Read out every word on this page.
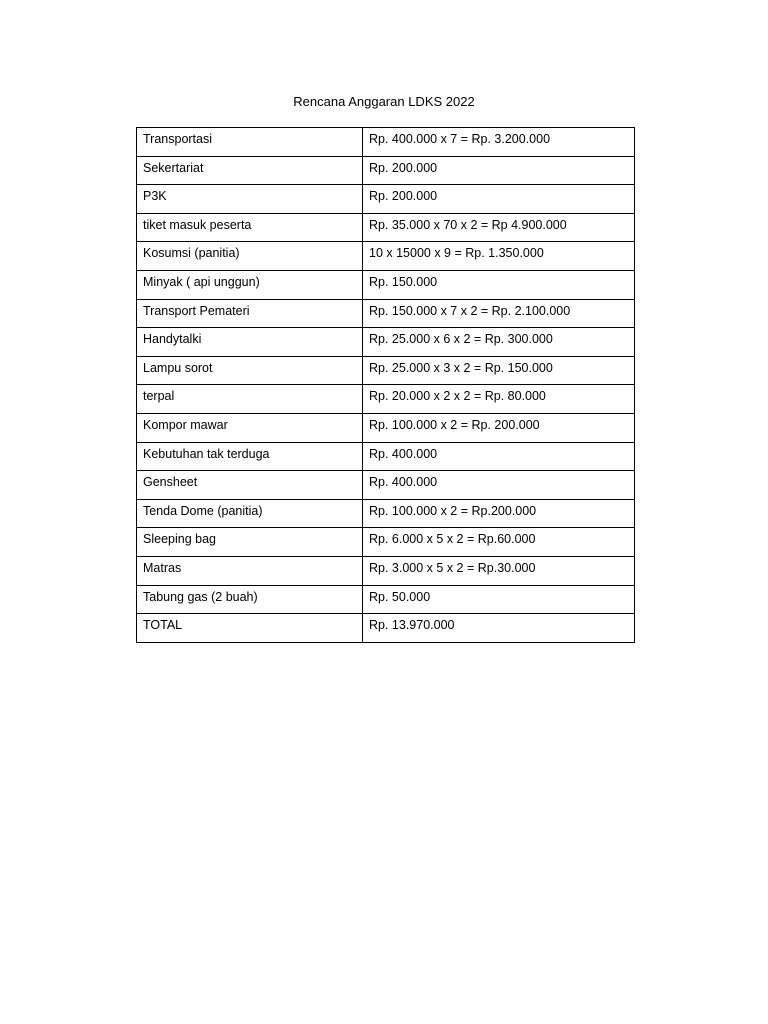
Rencana Anggaran LDKS 2022
Transportasi	Rp. 400.000 x 7 = Rp. 3.200.000
Sekertariat	Rp. 200.000
P3K	Rp. 200.000
tiket masuk peserta	Rp. 35.000 x 70 x 2 = Rp 4.900.000
Kosumsi (panitia)	10 x 15000 x 9 = Rp. 1.350.000
Minyak ( api unggun)	Rp. 150.000
Transport Pemateri	Rp. 150.000 x 7 x 2 = Rp. 2.100.000
Handytalki	Rp. 25.000 x 6 x 2 = Rp. 300.000
Lampu sorot	Rp. 25.000 x 3 x 2 = Rp. 150.000
terpal	Rp. 20.000 x 2 x 2 = Rp. 80.000
Kompor mawar	Rp. 100.000 x 2 = Rp. 200.000
Kebutuhan tak terduga	Rp. 400.000
Gensheet	Rp. 400.000
Tenda Dome (panitia)	Rp. 100.000 x 2 = Rp.200.000
Sleeping bag	Rp. 6.000 x 5 x 2 = Rp.60.000
Matras	Rp. 3.000 x 5 x 2 = Rp.30.000
Tabung gas (2 buah)	Rp. 50.000
TOTAL	Rp. 13.970.000
